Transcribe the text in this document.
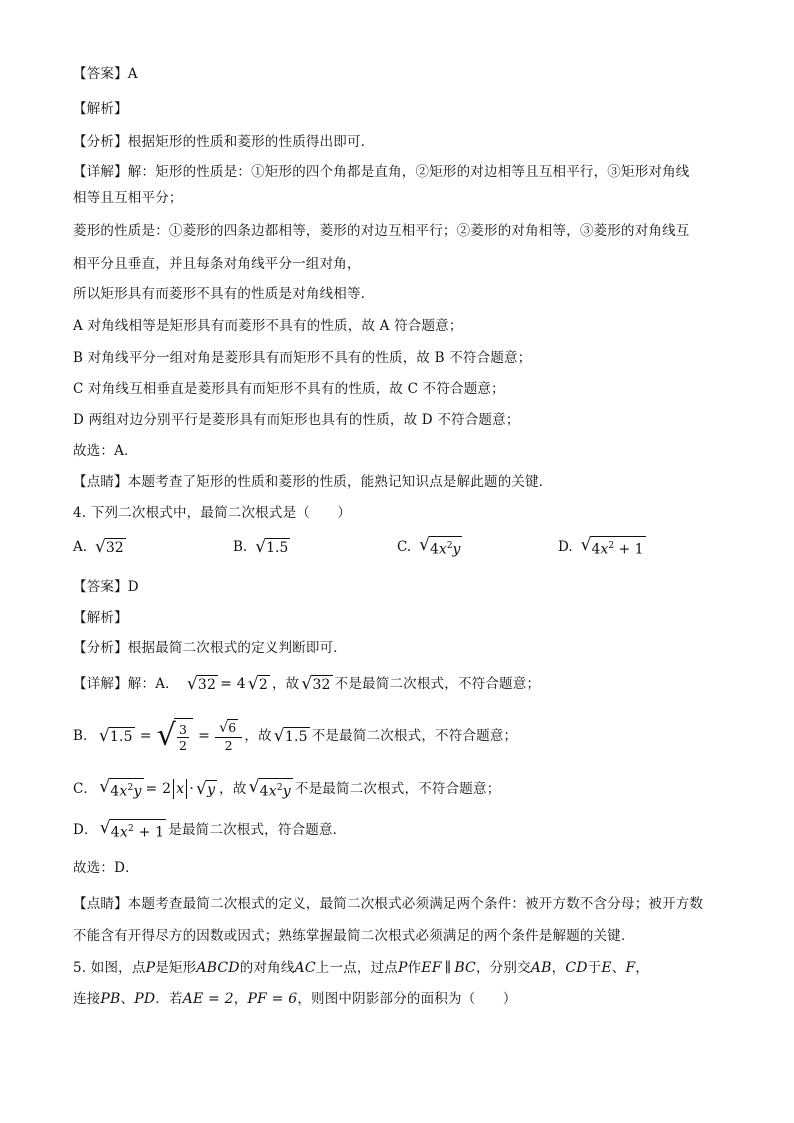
【答案】A
【解析】
【分析】根据矩形的性质和菱形的性质得出即可．
【详解】解：矩形的性质是：①矩形的四个角都是直角，②矩形的对边相等且互相平行，③矩形对角线
相等且互相平分；
菱形的性质是：①菱形的四条边都相等，菱形的对边互相平行；②菱形的对角相等，③菱形的对角线互
相平分且垂直，并且每条对角线平分一组对角，
所以矩形具有而菱形不具有的性质是对角线相等．
A 对角线相等是矩形具有而菱形不具有的性质，故 A 符合题意；
B 对角线平分一组对角是菱形具有而矩形不具有的性质，故 B 不符合题意；
C 对角线互相垂直是菱形具有而矩形不具有的性质，故 C 不符合题意；
D 两组对边分别平行是菱形具有而矩形也具有的性质，故 D 不符合题意；
故选：A．
【点睛】本题考查了矩形的性质和菱形的性质，能熟记知识点是解此题的关键．
4. 下列二次根式中，最简二次根式是（　　）
A. √ 32	B. √ 1.5	C. √ $4x^2y$	D. √ $4x^2 + 1$
【答案】D
【解析】
【分析】根据最简二次根式的定义判断即可．
【详解】解：A． √ 32 = 4 √ 2 ，故 √ 32 不是最简二次根式，不符合题意；
B． √ 1.5 = √ $\frac{3}{2} = \frac{√ 6}{2}$ ，故 √ 1.5 不是最简二次根式，不符合题意；
C． √ $4x^2y = 2$ x · √ y ，故 √ $4x^2y$ 不是最简二次根式，不符合题意；
D． √ $4x^2 + 1$ 是最简二次根式，符合题意．
故选：D．
【点睛】本题考查最简二次根式的定义，最简二次根式必须满足两个条件：被开方数不含分母；被开方数
不能含有开得尽方的因数或因式；熟练掌握最简二次根式必须满足的两个条件是解题的关键．
5. 如图，点 P 是矩形 ABCD 的对角线 AC 上一点，过点 P 作 EF ∥ BC ，分别交 AB ， CD 于 E 、 F ，
连接 PB 、 PD ．若 AE = 2 ， PF = 6 ，则图中阴影部分的面积为（　　）
